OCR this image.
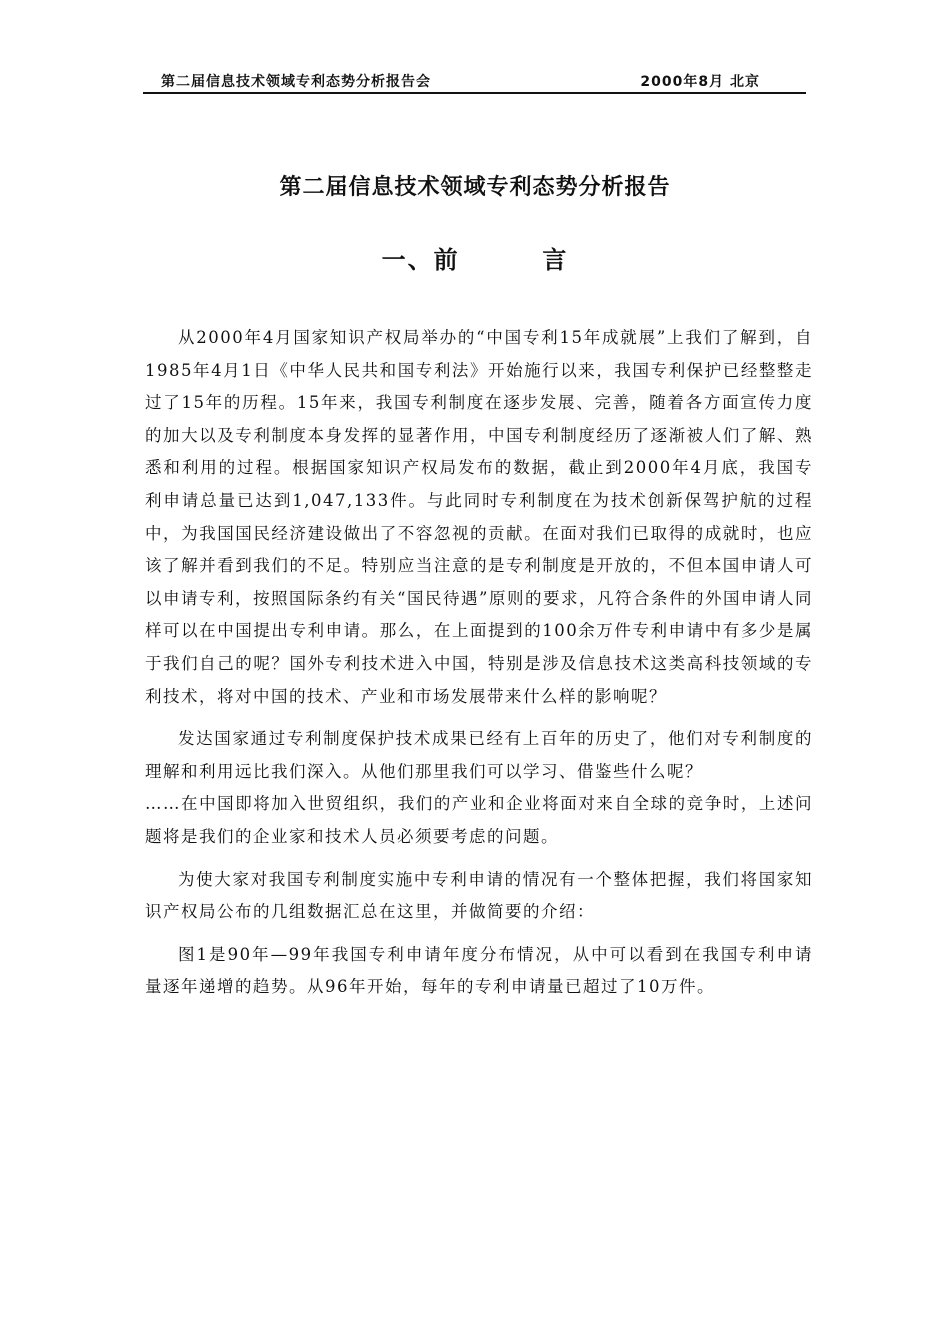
第二届信息技术领域专利态势分析报告会	2000年8月 北京
第二届信息技术领域专利态势分析报告
一、前        言

从2000年4月国家知识产权局举办的“中国专利15年成就展”上我们了解到，自1985年4月1日《中华人民共和国专利法》开始施行以来，我国专利保护已经整整走过了15年的历程。15年来，我国专利制度在逐步发展、完善，随着各方面宣传力度的加大以及专利制度本身发挥的显著作用，中国专利制度经历了逐渐被人们了解、熟悉和利用的过程。根据国家知识产权局发布的数据，截止到2000年4月底，我国专利申请总量已达到1,047,133件。与此同时专利制度在为技术创新保驾护航的过程中，为我国国民经济建设做出了不容忽视的贡献。在面对我们已取得的成就时，也应该了解并看到我们的不足。特别应当注意的是专利制度是开放的，不但本国申请人可以申请专利，按照国际条约有关“国民待遇”原则的要求，凡符合条件的外国申请人同样可以在中国提出专利申请。那么，在上面提到的100余万件专利申请中有多少是属于我们自己的呢？国外专利技术进入中国，特别是涉及信息技术这类高科技领域的专利技术，将对中国的技术、产业和市场发展带来什么样的影响呢？

发达国家通过专利制度保护技术成果已经有上百年的历史了，他们对专利制度的理解和利用远比我们深入。从他们那里我们可以学习、借鉴些什么呢？

……在中国即将加入世贸组织，我们的产业和企业将面对来自全球的竞争时，上述问题将是我们的企业家和技术人员必须要考虑的问题。

为使大家对我国专利制度实施中专利申请的情况有一个整体把握，我们将国家知识产权局公布的几组数据汇总在这里，并做简要的介绍：

图1是90年—99年我国专利申请年度分布情况，从中可以看到在我国专利申请量逐年递增的趋势。从96年开始，每年的专利申请量已超过了10万件。
